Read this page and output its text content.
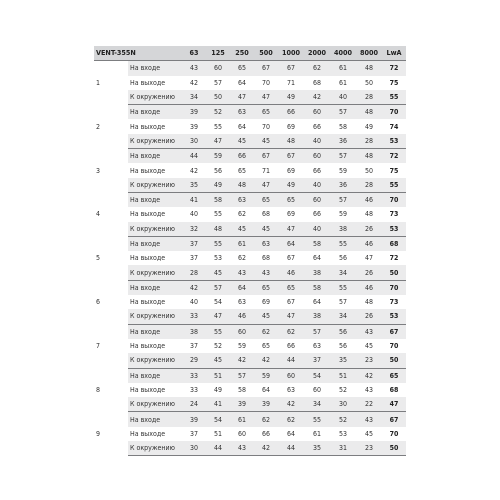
VENT-355N		63	125	250	500	1000	2000	4000	8000	LwA
1	На входе	43	60	65	67	67	62	61	48	72
	На выходе	42	57	64	70	71	68	61	50	75
	К окружению	34	50	47	47	49	42	40	28	55
2	На входе	39	52	63	65	66	60	57	48	70
	На выходе	39	55	64	70	69	66	58	49	74
	К окружению	30	47	45	45	48	40	36	28	53
3	На входе	44	59	66	67	67	60	57	48	72
	На выходе	42	56	65	71	69	66	59	50	75
	К окружению	35	49	48	47	49	40	36	28	55
4	На входе	41	58	63	65	65	60	57	46	70
	На выходе	40	55	62	68	69	66	59	48	73
	К окружению	32	48	45	45	47	40	38	26	53
5	На входе	37	55	61	63	64	58	55	46	68
	На выходе	37	53	62	68	67	64	56	47	72
	К окружению	28	45	43	43	46	38	34	26	50
6	На входе	42	57	64	65	65	58	55	46	70
	На выходе	40	54	63	69	67	64	57	48	73
	К окружению	33	47	46	45	47	38	34	26	53
7	На входе	38	55	60	62	62	57	56	43	67
	На выходе	37	52	59	65	66	63	56	45	70
	К окружению	29	45	42	42	44	37	35	23	50
8	На входе	33	51	57	59	60	54	51	42	65
	На выходе	33	49	58	64	63	60	52	43	68
	К окружению	24	41	39	39	42	34	30	22	47
9	На входе	39	54	61	62	62	55	52	43	67
	На выходе	37	51	60	66	64	61	53	45	70
	К окружению	30	44	43	42	44	35	31	23	50
